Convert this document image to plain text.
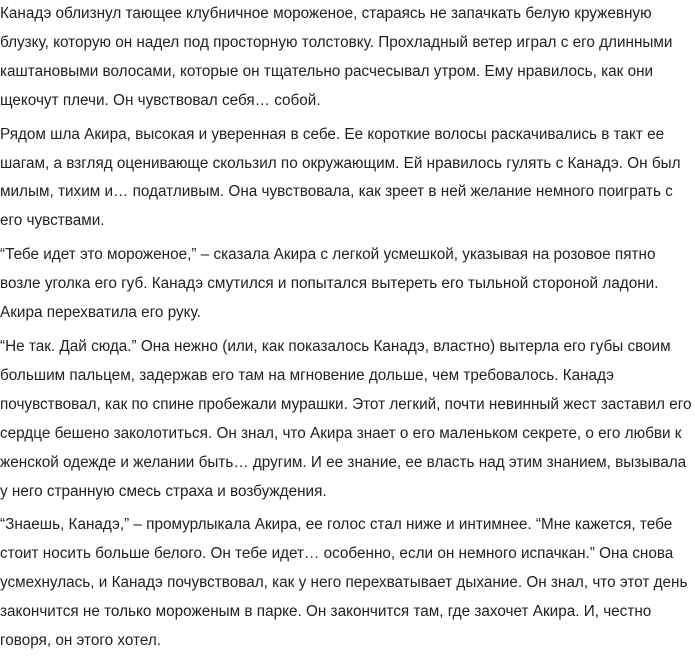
Канадэ облизнул тающее клубничное мороженое, стараясь не запачкать белую кружевную блузку, которую он надел под просторную толстовку. Прохладный ветер играл с его длинными каштановыми волосами, которые он тщательно расчесывал утром. Ему нравилось, как они щекочут плечи. Он чувствовал себя… собой.

Рядом шла Акира, высокая и уверенная в себе. Ее короткие волосы раскачивались в такт ее шагам, а взгляд оценивающе скользил по окружающим. Ей нравилось гулять с Канадэ. Он был милым, тихим и… податливым. Она чувствовала, как зреет в ней желание немного поиграть с его чувствами.

“Тебе идет это мороженое,” – сказала Акира с легкой усмешкой, указывая на розовое пятно возле уголка его губ. Канадэ смутился и попытался вытереть его тыльной стороной ладони. Акира перехватила его руку.

“Не так. Дай сюда.” Она нежно (или, как показалось Канадэ, властно) вытерла его губы своим большим пальцем, задержав его там на мгновение дольше, чем требовалось. Канадэ почувствовал, как по спине пробежали мурашки. Этот легкий, почти невинный жест заставил его сердце бешено заколотиться. Он знал, что Акира знает о его маленьком секрете, о его любви к женской одежде и желании быть… другим. И ее знание, ее власть над этим знанием, вызывала у него странную смесь страха и возбуждения.

“Знаешь, Канадэ,” – промурлыкала Акира, ее голос стал ниже и интимнее. “Мне кажется, тебе стоит носить больше белого. Он тебе идет… особенно, если он немного испачкан.” Она снова усмехнулась, и Канадэ почувствовал, как у него перехватывает дыхание. Он знал, что этот день закончится не только мороженым в парке. Он закончится там, где захочет Акира. И, честно говоря, он этого хотел.
